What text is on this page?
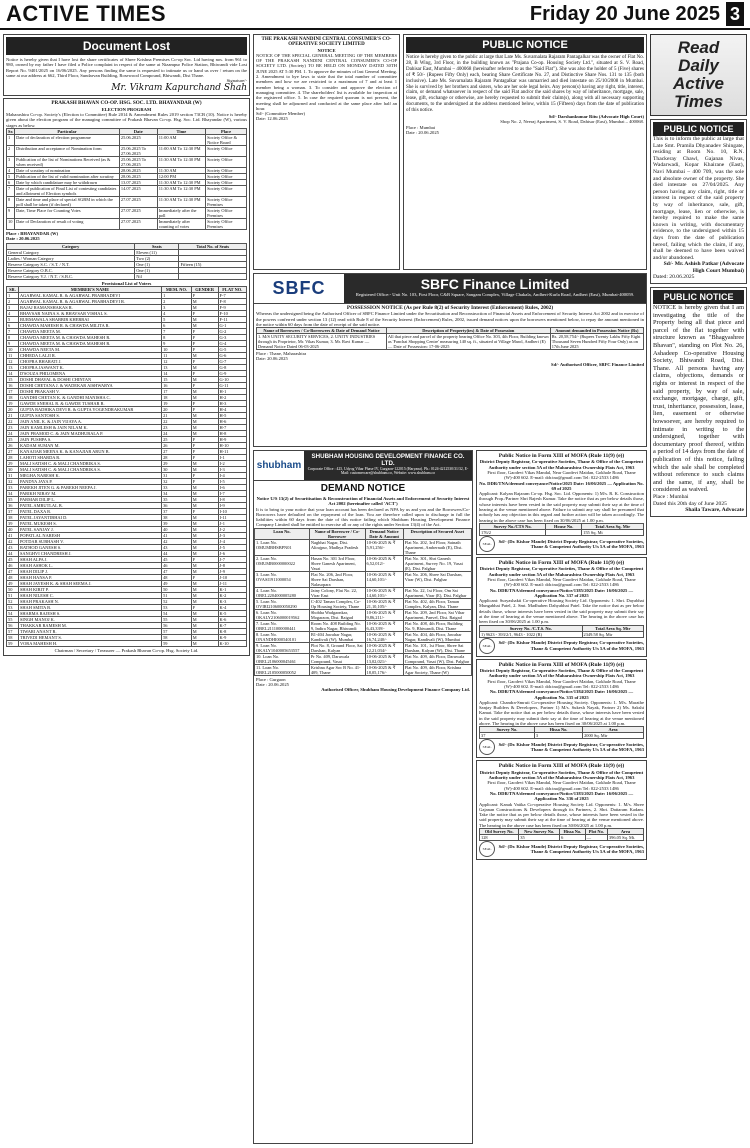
ACTIVE TIMES	Friday 20 June 2025 3
Document Lost
Notice is hereby given that I have lost the share certificates of Shree Krishna Premises Co-op Soc. Ltd having nos. from 961 to 980, owned by my father I have filed a Police complaint in respect of the same at Nizampur Police Station, Bhiwandi vide Lost Report No. 9401/2025 on 16/06/2025. Any persons finding the same is requested to intimate us or hand us over / return on the same at our address at 662, Third Floor, Sundarvan Building, Rosewood Compound, Bhiwandi, Dist Thane.
Signature/-
Mr. Vikram Kapurchand Shah
PRAKASH BHAVAN CO-OP. HSG. SOC. LTD. BHAYANDAR (W)
ELECTION PROGRAM
Maharashtra Co-op. Society's (Election to Committee) Rule 2014 & Amendment Rules 2019 section 73CB (10). Notice is hereby given about the election program of the managing committee of Prakash Bhavan Co-op. Hsg. Soc. Ltd. Bhayandar (W), various stages as below.
Sr.	Particular	Date	Time	Place
1	Date of declaration of election programme	25.06.2025	11:00 AM	Society Office & Notice Board
2	Distribution and acceptance of Nomination form	25.06.2025 To 27.06.2025	11:00 AM To 12:30 PM	Society Office
3	Publication of the list of Nominations Received (as & when received)	25.06.2025 To 27.06.2025	11:30 AM To 12:30 PM	Society Office
4	Date of scrutiny of nomination	28.06.2025	11:30 AM	Society Office
5	Publication of the list of valid nomination after scrutiny	28.06.2025	12:00 PM	Society Office
6	Date by which candidature may be withdrawn	13.07.2025	11:30 AM To 12:30 PM	Society Office
7	Date of publication of Final List of contesting candidates and allotment of Election symbols	14.07.2025	11:30 AM To 12:30 PM	Society Office
8	Date and time and place of special SGBM in which the poll shall be taken (if declared)	27.07.2025	11:30 AM To 12:30 PM	Society Office Premises
9	Date, Time Place for Counting Votes	27.07.2025	Immediately after the poll	Society Office Premises
10	Date of Declaration of result of voting	27.07.2025	Immediately after counting of votes	Society Office Premises
Place : BHAYANDAR (W)
Date : 20.06.2025
Category	Seats	Total No. of Seats
General Category	Eleven (11)	
Ladies / Woman Category	Two (2)	
Reserve Category S.C. / S.T. / N.T.	One (1)	Fifteen (15)
Reserve Category O.B.C.	One (1)	
Reserve Category V.J. / N.T. / S.B.C.	Nil	
Provisional List of Voters
SR.	MEMBER'S NAME	MEM. NO.	GENDER	FLAT NO.
1	AGARWAL KAMAL R. & AGARWAL PRABHADEVI	1	F	F-7
2	AGARWAL KAMAL R. & AGARWAL PRABHADEVI R.	2	M	F-8
3	BAJAJ RAMANSHAKAS R.	3	M	F-9
4	BHAVSAR NAINA S. & BHAVSAR VISHAL S.	4	F	F-10
5	BURMAWALA SHABBIR KHERBAI	5	M	F-11
6	CHAWDA MAHESH R. & CHAWDA MILITA R.	6	M	G-1
7	CHAWDA MEETA M.	7	F	G-2
8	CHAWDA MEETA M. & CHAWDA MAHESH R.	8	F	G-3
9	CHAWDA MEETA M. & CHAWDA MAHESH R.	9	F	G-4
10	CHAWDA NEETA M.	10	F	G-5
11	CHHEDA LALJI R.	11	M	G-6
12	CHOPRA BHARATI J.	12	F	G-7
13	CHOPRA JASWANT K.	13	M	G-8
14	D'SOUZA PHILOMENA	14	F	G-9
15	DOSHI DHAVAL & DOSHI CHINTAN	15	M	G-10
16	DOSHI CHETANA J. & WADEKAR AISHWARYA	16	F	G-11
17	DOSHI PRAKASH V.	17	M	H-1
18	GANDHI CHETAN K. & GANDHI MANISHA C.	18	M	H-2
19	GAWDE SNEHAL R. & GAWDE TUSHAR R.	19	F	H-3
20	GUPTA RADHIKA DEVI R. & GUPTA YOGENDRAKUMAR	20	F	H-4
21	GUPTA SANTOSH S.	21	M	H-5
22	JAIN ANIL K. & JAIN VIJAYA A.	22	M	H-6
23	JAIN KAMLESH & JAIN NILAM K.	23	M	H-7
24	JAIN PRAMOD C. & JAIN MADHUBALA P.	24	M	H-8
25	JAIN PUSHPA S.	25	F	H-9
26	KADAM SUMAN M.	26	F	H-10
27	KANAJIAR MEENA K. & KANAJIAR ARUN B.	27	F	H-11
28	LAHOTI SHARDA R.	28	F	I-1
29	MALI SATISH C. & MALI CHANDRIKA S.	29	M	I-2
30	MALI SATISH C. & MALI CHANDRIKA S.	30	M	I-3
31	MEGHA NARESH K.	31	F	I-4
32	PANDYA JAYA P.	32	F	I-5
33	PAREKH JITEN G. & PAREKH NEEPA J.	33	M	I-6
34	PARIKH NIRAV M.	34	M	I-7
35	PARMAR DILIP L.	35	M	I-8
36	PATEL AMRUTLAL B.	36	M	I-9
37	PATEL DAXA R.	37	F	I-10
38	PATEL JAYANTIBHAI D.	38	M	I-11
39	PATEL MUKESH S.	39	M	J-1
40	PATEL SANJAY J.	40	M	J-2
41	POPATLAL NARESH	41	M	J-3
42	POTDAR SUBHASH V.	42	M	J-4
43	RATHOD GANESH S.	43	M	J-5
44	SANGHVI CHANDRESH J.	44	M	J-6
45	SHAH ALPA J.	45	F	J-7
46	SHAH ASHOK L.	46	M	J-8
47	SHAH DILIP J.	47	M	J-9
48	SHAH HANSA P.	48	F	J-10
49	SHAH JAYESH K. & SHAH SEEMA J.	49	M	J-11
50	SHAH KIRIT P.	50	M	K-1
51	SHAH NILESH C.	51	M	K-2
52	SHAH PRAKASH N.	52	M	K-3
53	SHAH SMITA B.	53	F	K-4
54	SHARMA RAJESH S.	54	M	K-5
55	SINGH MANOJ K.	55	M	K-6
56	THAKKAR RAMESH M.	56	M	K-7
57	TIWARI ANANT R.	57	M	K-8
58	TRIVEDI HEMANT S.	58	M	K-9
59	VORA MAHESH H.	59	M	K-10
Chairman / Secretary / Treasurer — Prakash Bhavan Co-op. Hsg. Society Ltd.
THE PRAKASH NANDINI CENTRAL CONSUMER'S CO-OPERATIVE SOCIETY LIMITED
NOTICE
NOTICE OF THE SPECIAL GENERAL MEETING OF THE MEMBERS OF THE PRAKASH NANDINI CENTRAL CONSUMER'S CO-OP SOCIETY LTD. (Society) TO BE HELD ON MONDAY DATED 30TH JUNE 2025 AT 5:30 PM. 1. To approve the minutes of last General Meeting. 2. Amendment to bye laws to state that the total number of committee members and how we are restricted to a maximum of 7 and at least 1 member being a woman. 3. To consider and approve the election of managing committee. 4. The shareholders' list is available for inspection at the registered office. 5. In case the required quorum is not present, the meeting shall be adjourned and conducted at the same place after half an hour.
Sd/- (Committee Member)
Date: 12.06.2025
PUBLIC NOTICE
Notice is hereby given to the public at large that Late Ms. Suvarnalata Rajaram Pantagalkar was the owner of Flat No. 28, B Wing, 3rd Floor, in the building known as "Prajana Co-op. Housing Society Ltd.", situated at S. V. Road, Dahisar East, Mumbai – 400068 (hereinafter referred to as the "Said Flat"). She was also the holder of 5 (Five) shares of ₹ 50/- (Rupees Fifty Only) each, bearing Share Certificate No. 27, and Distinctive Share Nos. 131 to 135 (both inclusive). Late Ms. Suvarnalata Rajaram Pantagalkar was unmarried and died intestate on 25/10/2008 in Mumbai. She is survived by her brothers and sisters, who are her sole legal heirs. Any person(s) having any right, title, interest, claim, or demand whatsoever in respect of the said Flat and/or the said shares by way of inheritance, mortgage, sale, lease, gift, exchange or otherwise, are hereby requested to submit their claim(s), along with all necessary supporting documents, to the undersigned at the address mentioned below, within 15 (Fifteen) days from the date of publication of this notice.
Sd/- Darshankumar Ritu (Advocate High Court)
Shop No. 2, Neeraj Apartment, S. V. Road, Dahisar (East), Mumbai – 400068.
Place : Mumbai
Date : 20.06.2025
SBFC	SBFC Finance Limited
Registered Office:- Unit No. 103, First Floor, C&B Square, Sangam Complex, Village Chakala, Andheri-Kurla Road, Andheri (East), Mumbai-400059.
POSSESSION NOTICE (As per Rule 8(2) of Security Interest (Enforcement) Rules, 2002)
Whereas the undersigned being the Authorised Officer of SBFC Finance Limited under the Securitisation and Reconstruction of Financial Assets and Enforcement of Security Interest Act 2002 and in exercise of the powers conferred under section 13 (12) read with Rule 8 of the Security Interest (Enforcement) Rules, 2002, issued demand notices upon the borrowers mentioned below, to repay the amount mentioned in the notice within 60 days from the date of receipt of the said notice.
Name of Borrowers / Co-Borrowers & Date of Demand Notice	Description of Property(ies) & Date of Possession	Amount demanded in Possession Notice (Rs)
1. M/S UNITY SECURITY SERVICES, 2. UNITY INDUSTRIES through its Proprietor, Mr. Vikas Kumar, 3. Mr. Ravi Kumar — Demand Notice Dated 06-03-2025	All that piece and parcel of the property bearing Office No. 303, 4th Floor, Building known as 'Fanchai Shopping Centre' measuring 140 sq. ft., situated at Village Marol, Andheri (E) — Date of Possession: 17-06-2025	Rs. 20,58,754/- (Rupees Twenty Lakhs Fifty Eight Thousand Seven Hundred Fifty Four Only) as on 17th June 2025
Place : Thane, Maharashtra
Date: 20.06.2025
Sd/- Authorised Officer, SBFC Finance Limited
shubham
SHUBHAM HOUSING DEVELOPMENT FINANCE CO. LTD.
Corporate Office : 425, Udyog Vihar Phase IV, Gurgaon-122015 (Haryana). Ph.: 0124-4212530/31/32, E-Mail: customercare@shubham.co, Website: www.shubham.co
DEMAND NOTICE
Notice U/S 13(2) of Securitisation & Reconstruction of Financial Assets and Enforcement of Security Interest Act 2002 (hereinafter called 'ACT')
It is to bring to your notice that your loan account has been declared as NPA by us and you and the Borrowers/Co-Borrowers have defaulted on the repayment of the loan. You are therefore called upon to discharge in full the liabilities within 60 days from the date of this notice failing which Shubham Housing Development Finance Company Limited shall be entitled to exercise all or any of the rights under Section 13(4) of the Act.
Loan No.	Name of Borrower / Co-Borrower	Demand Notice Date & Amount	Description of Secured Asset
1. Loan No. OMUMBHSBPN01	Nagbhai Nagar, Dist. Alirajpur, Madhya Pradesh	10-06-2025 & ₹ 5,91,256/-	Flat No. 202, 3rd Floor, Sainath Apartment, Ambernath (E), Dist. Thane
2. Loan No. OMUMB0000000022	Hasan No. 301 3rd Floor, Shree Ganesh Apartment, Vasai	10-06-2025 & ₹ 6,52,012/-	Flat No. 301, Shri Ganesh Apartment, Survey No. 19, Vasai (E), Dist. Palghar
3. Loan No. OVASI1911000054	Flat No. 206, 2nd Floor, Shree Sai Darshan, Nalasopara	10-06-2025 & ₹ 14,60,101/-	Flat No. 206, Shree Sai Darshan, Virar (W), Dist. Palghar
4. Loan No. OBEL2204000005280	Jainy Colony, Flat No. 22, Virar East	10-06-2025 & ₹ 14,60,101/-	Flat No. 22, 1st Floor, Om Sai Apartment, Virar (E), Dist. Palghar
5. Loan No. OVIRI2106000050290	C-402 Taman Complex, Co-Op Housing Society, Thane	10-06-2025 & ₹ 21,10,105/-	Flat No. 402, 4th Floor, Taman Complex, Kalyan, Dist. Thane
6. Loan No. OKALY2106000019562	Shobha Wadgaonkar, Mogaraon, Dist. Raigad	10-06-2025 & ₹ 9,86,211/-	Flat No. 209, 2nd Floor, Sai Vihar Apartment, Panvel, Dist. Raigad
7. Loan No. OBEL2111000000441	Room No. 408 Building No. 9, Indira Nagar, Bhiwandi	10-06-2025 & ₹ 6,43,339/-	Flat No. 408, 4th Floor, Building No. 9, Bhiwandi, Dist. Thane
8. Loan No. ONANDHI000540101	B1-404 Jawahar Nagar, Kandivali (W), Mumbai	10-06-2025 & ₹ 16,74,240/-	Flat No. 404, 4th Floor, Jawahar Nagar, Kandivali (W), Mumbai
9. Loan No. OKALY1040005653557	Plot No. 8, Ground Floor, Sai Darshan, Kalyan	10-06-2025 & ₹ 12,21,034/-	Flat No. 101, 1st Floor, Shree Sai Darshan, Kalyan (W), Dist. Thane
10. Loan No. OBEL2106000045461	Pr No. 409, Daruwala Compound, Vasai	10-06-2025 & ₹ 13,02,021/-	Flat No. 409, 4th Floor, Daruwala Compound, Vasai (W), Dist. Palghar
11. Loan No. OBEL2105000050052	Krishna Agar Soc B No. 41-409, Thane	10-06-2025 & ₹ 18,05,176/-	Flat No. 409, 4th Floor, Krishna Agar Society, Thane (W)
Place : Gurgaon
Date : 20.06.2025
Authorised Officer, Shubham Housing Development Finance Company Ltd.
Public Notice in Form XIII of MOFA (Rule 11(9) (e))
District Deputy Registrar, Co-operative Societies, Thane & Office of the Competent Authority under section 5A of the Maharashtra Ownership Flats Act, 1963
First floor, Gaodevi Vikas Mandal, Near Gaodevi Maidan, Gokhale Road, Thane (W)-400 602. E-mail: ddr.tna@gmail.com Tel: 022-2533 1486
No. DDR/TNA/deemed conveyance/Notice/2025 Date: 16/06/2025 — Application No. 69 of 2025
Applicant: Kalyan Rajaram Co-op. Hsg. Soc. Ltd. Opponents: 1) M/s. R. K. Construction through Prop./Partner Shri Rajesh Kumar. Take the notice that as per below details those, whose interests have been vested in the said property may submit their say at the time of hearing at the venue mentioned above. Failure to submit any say shall be presumed that nobody has any objection in this regard and further action will be taken accordingly. The hearing in the above case has been fixed on 30/06/2025 at 1.00 p.m.
Survey No./CTS No.	House No.	Total Area Sq. Mtr
176/2		155 Sq. Mt
SEAL
Sd/- (Dr. Kishor Mande) District Deputy Registrar, Co-operative Societies, Thane & Competent Authority U/s 5A of the MOFA, 1963
Public Notice in Form XIII of MOFA (Rule 11(9) (e))
District Deputy Registrar, Co-operative Societies, Thane & Office of the Competent Authority under section 5A of the Maharashtra Ownership Flats Act, 1963
First floor, Gaodevi Vikas Mandal, Near Gaodevi Maidan, Gokhale Road, Thane (W)-400 602. E-mail: ddr.tna@gmail.com Tel: 022-2533 1486
No. DDR/TNA/deemed conveyance/Notice/1385/2025 Date: 16/06/2025 — Application No. 337 of 2025
Applicant: Suryashakti Co-operative Housing Society Ltd. Opponents: 1. Shri. Dayabhai Mungabhai Patel, 2. Smt. Madhuben Dahyabhai Patel. Take the notice that as per below details those, whose interests have been vested in the said property may submit their say at the time of hearing at the venue mentioned above. The hearing in the above case has been fixed on 30/06/2025 at 1.00 p.m.
Survey No. /C.T.S. No.	Total Area Sq. Mtr
1) 9623 - 393/2/1, 9643 - 1022 (R)	2349.58 Sq. Mtr
SEAL
Sd/- (Dr. Kishor Mande) District Deputy Registrar, Co-operative Societies, Thane & Competent Authority U/s 5A of the MOFA, 1963
Public Notice in Form XIII of MOFA (Rule 11(9) (e))
District Deputy Registrar, Co-operative Societies, Thane & Office of the Competent Authority under section 5A of the Maharashtra Ownership Flats Act, 1963
First floor, Gaodevi Vikas Mandal, Near Gaodevi Maidan, Gokhale Road, Thane (W)-400 602. E-mail: ddr.tna@gmail.com Tel: 022-2533 1486
No. DDR/TNA/deemed conveyance/Notice/1384/2025 Date: 16/06/2025 — Application No. 335 of 2025
Applicant: Chandra-Smruti Co-operative Housing Society. Opponents: 1. M/s. Marathe Sanjay Builders & Developers, Partner 1) M/s. Sukesh Nayak, Partner 2) Ms. Sakshi Kamat. Take the notice that as per below details those, whose interests have been vested in the said property may submit their say at the time of hearing at the venue mentioned above. The hearing in the above case has been fixed on 30/06/2025 at 1.00 p.m.
Survey No.	Hissa No.	Area
37	3	2000 Sq. Mtr
SEAL
Sd/- (Dr. Kishor Mande) District Deputy Registrar, Co-operative Societies, Thane & Competent Authority U/s 5A of the MOFA, 1963
Public Notice in Form XIII of MOFA (Rule 11(9) (e))
District Deputy Registrar, Co-operative Societies, Thane & Office of the Competent Authority under section 5A of the Maharashtra Ownership Flats Act, 1963
First floor, Gaodevi Vikas Mandal, Near Gaodevi Maidan, Gokhale Road, Thane (W)-400 602. E-mail: ddr.tna@gmail.com Tel: 022-2533 1486
No. DDR/TNA/deemed conveyance/Notice/1383/2025 Date: 16/06/2025 — Application No. 336 of 2025
Applicant: Kanak Vatika Co-operative Housing Society Ltd. Opponents: 1. M/s. Shree Gajanan Constructions & Developers through its Partners, 2. Shri. Dattaram Kadam. Take the notice that as per below details those, whose interests have been vested in the said property may submit their say at the time of hearing at the venue mentioned above. The hearing in the above case has been fixed on 30/06/2025 at 1.00 p.m.
Old Survey No.	New Survey No.	Hissa No.	Plot No.	Area
128	35	6	—	396.05 Sq. Mt.
SEAL
Sd/- (Dr. Kishor Mande) District Deputy Registrar, Co-operative Societies, Thane & Competent Authority U/s 5A of the MOFA, 1963
Read
Daily
Active
Times
PUBLIC NOTICE
This is to inform the public at large that Late Smt. Pramila Dhyanadev Shingate, residing at Room No. 10, R.N. Thackeray Chawl, Gajanan Nivas, Wadarwadi, Kopar Khairane (East), Navi Mumbai – 400 709, was the sole and absolute owner of the property. She died intestate on 27/04/2025. Any person having any claim, right, title or interest in respect of the said property by way of inheritance, sale, gift, mortgage, lease, lien or otherwise, is hereby required to make the same known in writing, with documentary evidence, to the undersigned within 15 days from the date of publication hereof, failing which the claim, if any, shall be deemed to have been waived and/or abandoned.
Sd/- Mr. Ashish Patkar (Advocate High Court Mumbai)
Dated: 20.06.2025
PUBLIC NOTICE
NOTICE is hereby given that I am investigating the title of the Property being all that piece and parcel of the flat together with structure known as "Bhagyashree Bhavan", standing on Plot No. 26, Ashadeep Co-operative Housing Society, Bhiwandi Road, Dist. Thane. All persons having any claims, objections, demands or rights or interest in respect of the said property, by way of sale, exchange, mortgage, charge, gift, trust, inheritance, possession, lease, lien, easement or otherwise howsoever, are hereby required to intimate in writing to the undersigned, together with documentary proof thereof, within a period of 14 days from the date of publication of this notice, failing which the sale shall be completed without reference to such claims and the same, if any, shall be considered as waived.
Place : Mumbai
Dated this 20th day of June 2025
Shaila Taware, Advocate
